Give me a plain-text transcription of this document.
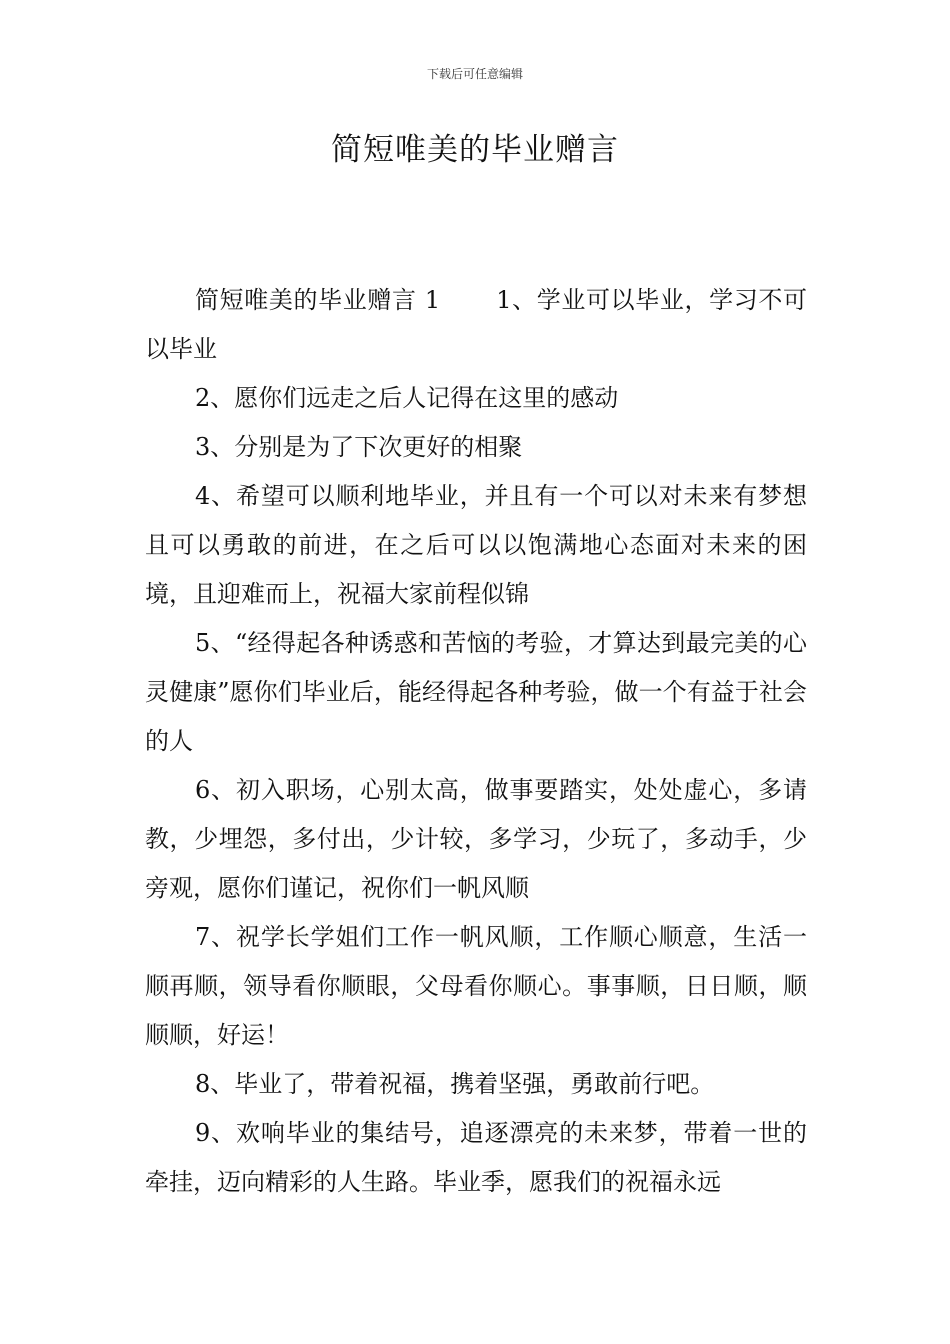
下载后可任意编辑
简短唯美的毕业赠言

简短唯美的毕业赠言 1 1、学业可以毕业，学习不可以毕业

2、愿你们远走之后人记得在这里的感动

3、分别是为了下次更好的相聚

4、希望可以顺利地毕业，并且有一个可以对未来有梦想且可以勇敢的前进，在之后可以以饱满地心态面对未来的困境，且迎难而上，祝福大家前程似锦

5、“经得起各种诱惑和苦恼的考验，才算达到最完美的心灵健康”愿你们毕业后，能经得起各种考验，做一个有益于社会的人

6、初入职场，心别太高，做事要踏实，处处虚心，多请教，少埋怨，多付出，少计较，多学习，少玩了，多动手，少旁观，愿你们谨记，祝你们一帆风顺

7、祝学长学姐们工作一帆风顺，工作顺心顺意，生活一顺再顺，领导看你顺眼，父母看你顺心。事事顺，日日顺，顺顺顺，好运！

8、毕业了，带着祝福，携着坚强，勇敢前行吧。

9、欢响毕业的集结号，追逐漂亮的未来梦，带着一世的牵挂，迈向精彩的人生路。毕业季，愿我们的祝福永远
